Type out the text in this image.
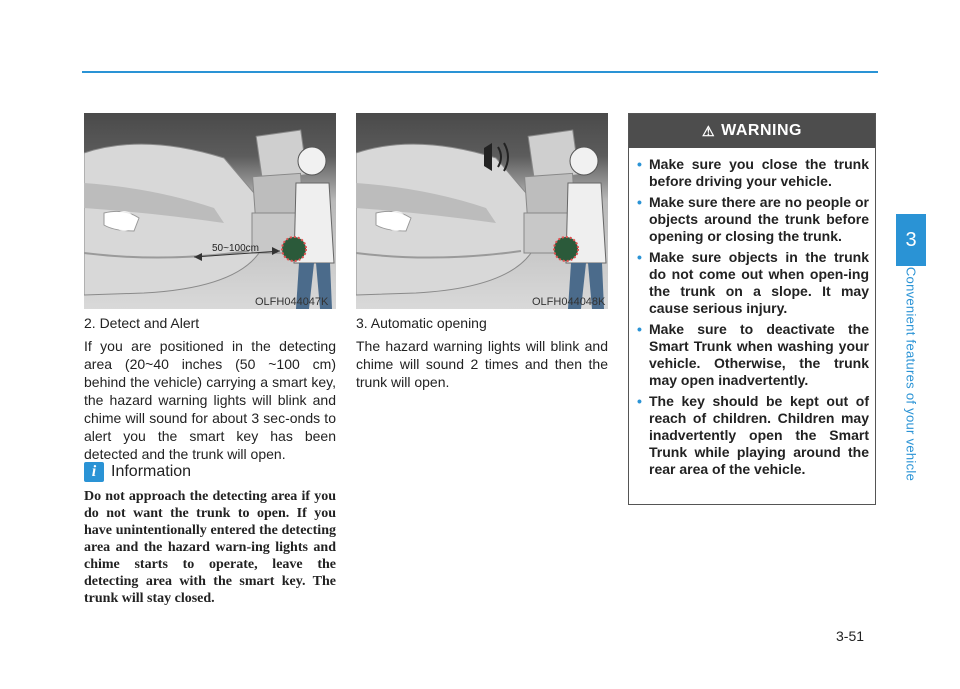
3
Convenient features of your vehicle
50~100cm
OLFH044047K	OLFH044048K
2. Detect and Alert
If you are positioned in the detecting area (20~40 inches (50 ~100 cm) behind the vehicle) carrying a smart key, the hazard warning lights will blink and chime will sound for about 3 sec-onds to alert you the smart key has been detected and the trunk will open.
i Information
Do not approach the detecting area if you do not want the trunk to open. If you have unintentionally entered the detecting area and the hazard warn-ing lights and chime starts to operate, leave the detecting area with the smart key. The trunk will stay closed.
3. Automatic opening
The hazard warning lights will blink and chime will sound 2 times and then the trunk will open.
⚠ WARNING
• Make sure you close the trunk before driving your vehicle.
• Make sure there are no people or objects around the trunk before opening or closing the trunk.
• Make sure objects in the trunk do not come out when open-ing the trunk on a slope. It may cause serious injury.
• Make sure to deactivate the Smart Trunk when washing your vehicle. Otherwise, the trunk may open inadvertently.
• The key should be kept out of reach of children. Children may inadvertently open the Smart Trunk while playing around the rear area of the vehicle.
3-51
